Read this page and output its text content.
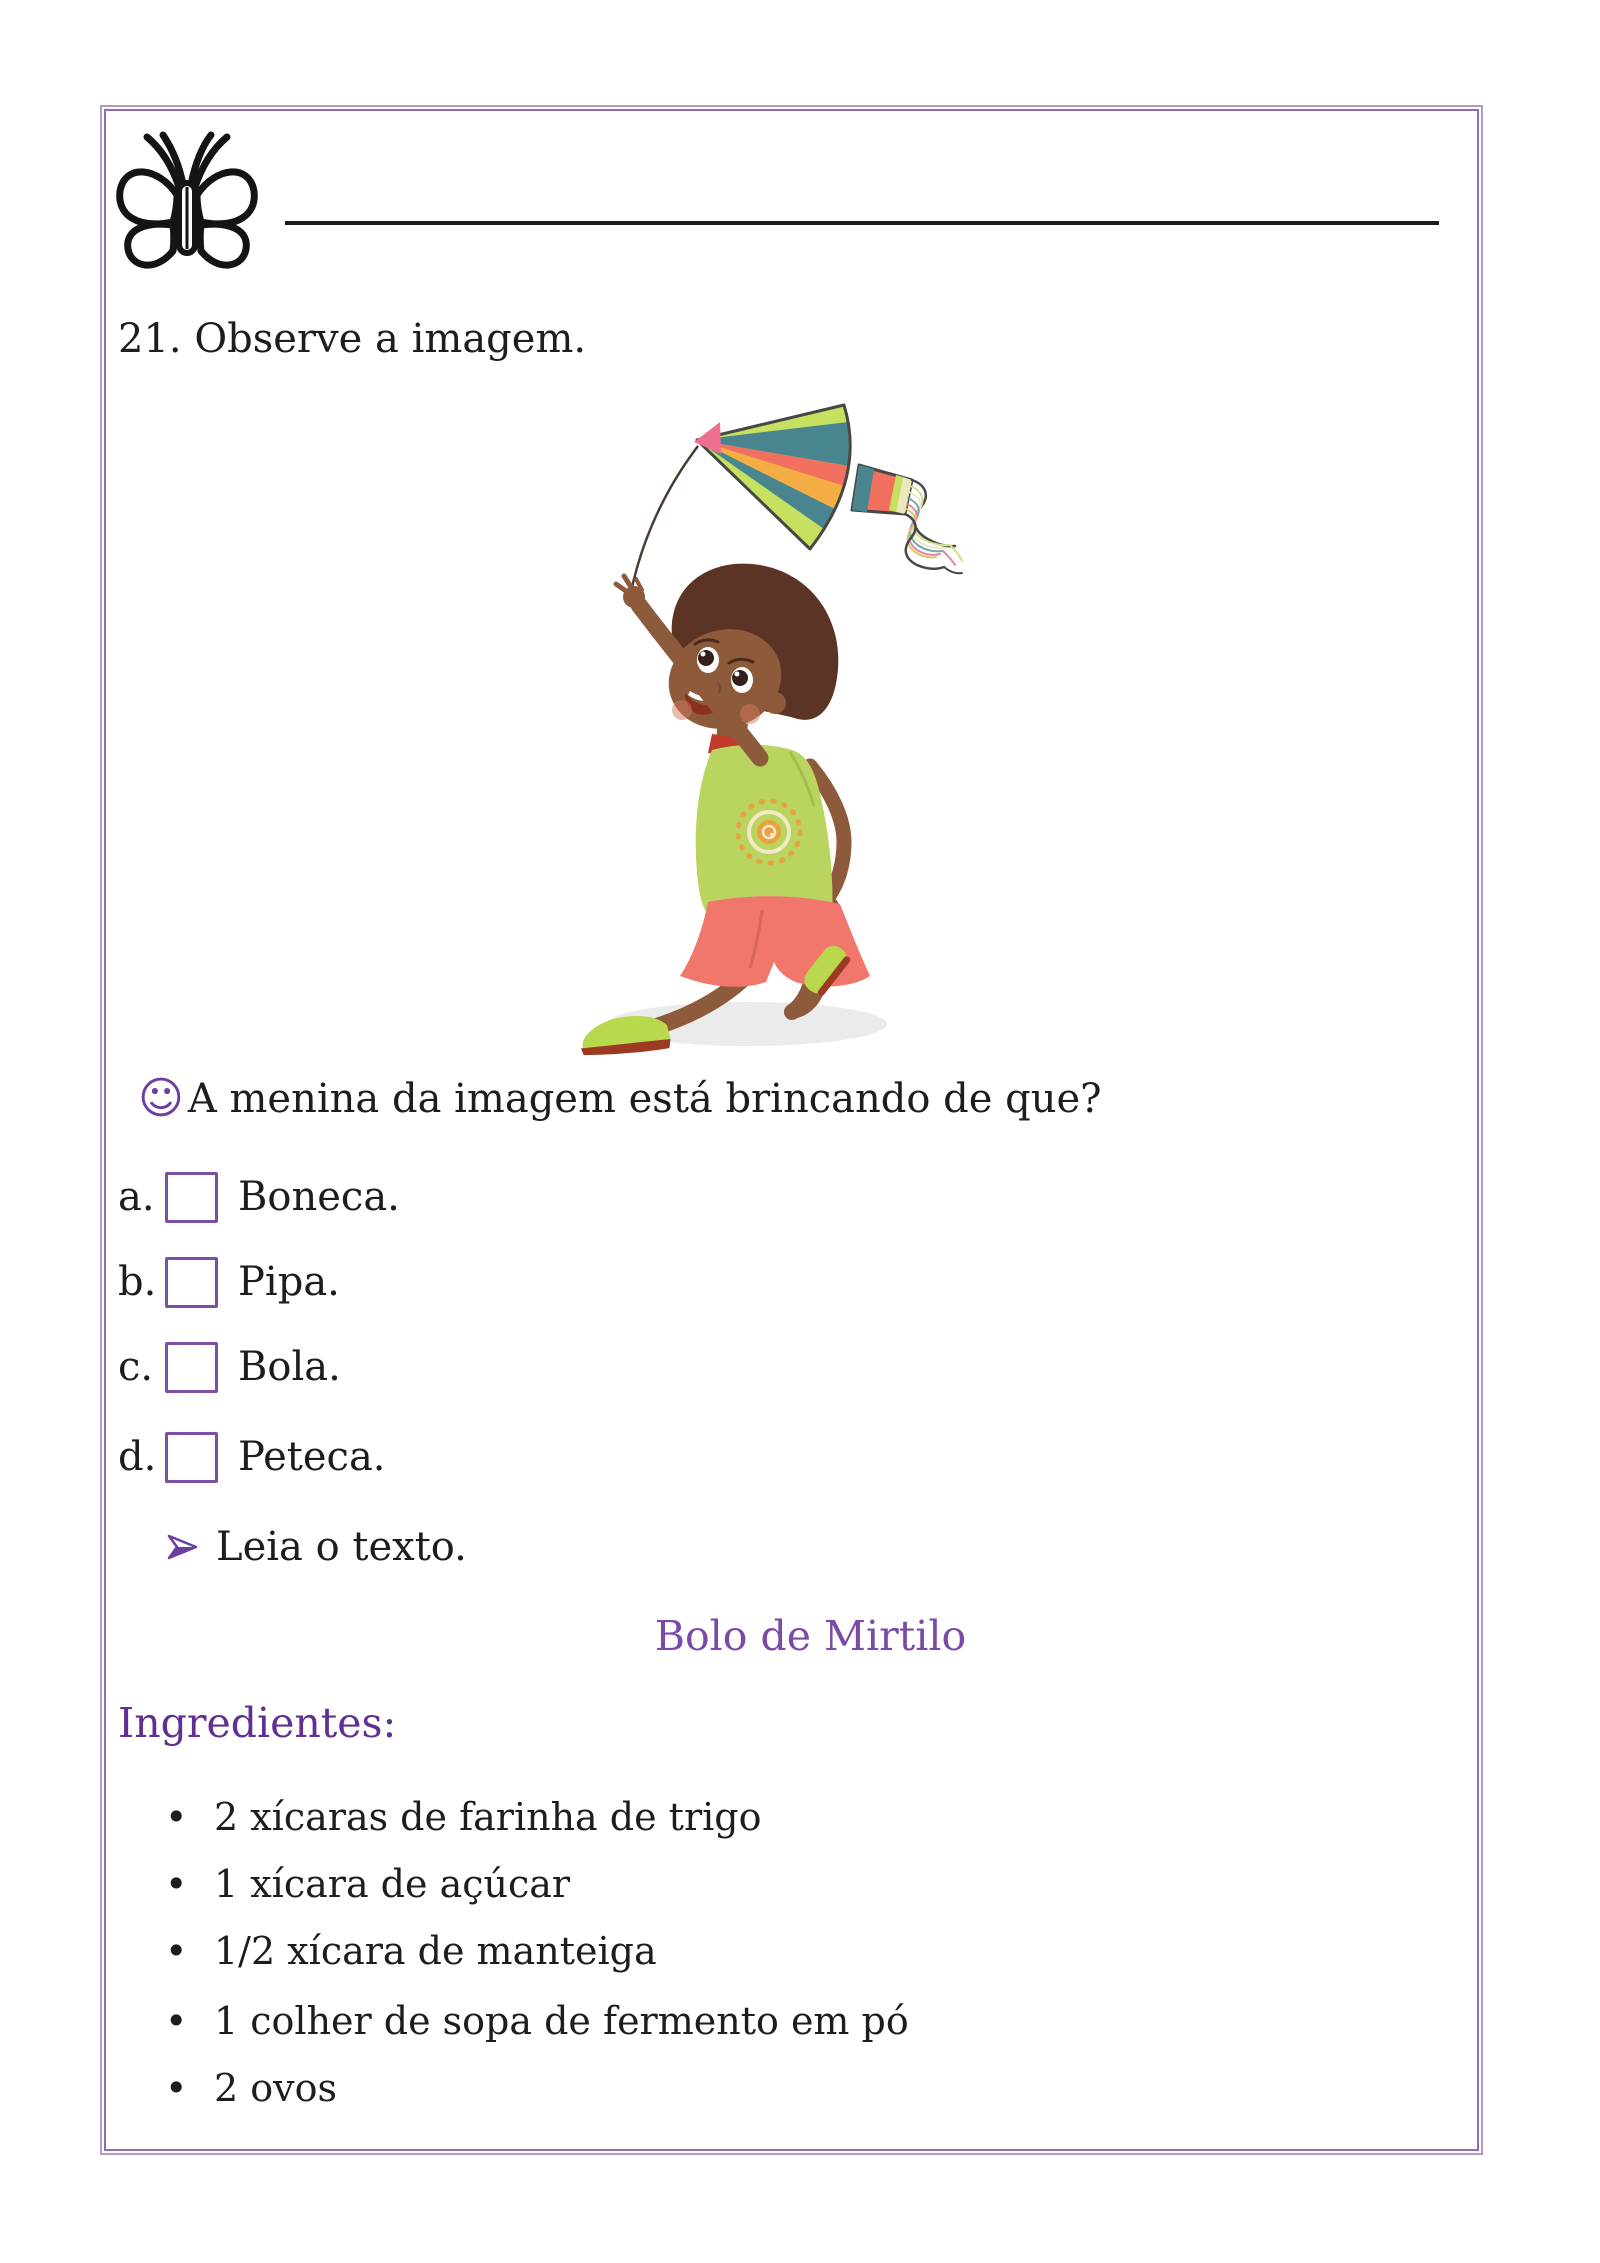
21. Observe a imagem.
☺ A menina da imagem está brincando de que?
a. Boneca.
b. Pipa.
c. Bola.
d. Peteca.
Leia o texto.
Bolo de Mirtilo
Ingredientes:
• 2 xícaras de farinha de trigo
• 1 xícara de açúcar
• 1/2 xícara de manteiga
• 1 colher de sopa de fermento em pó
• 2 ovos
